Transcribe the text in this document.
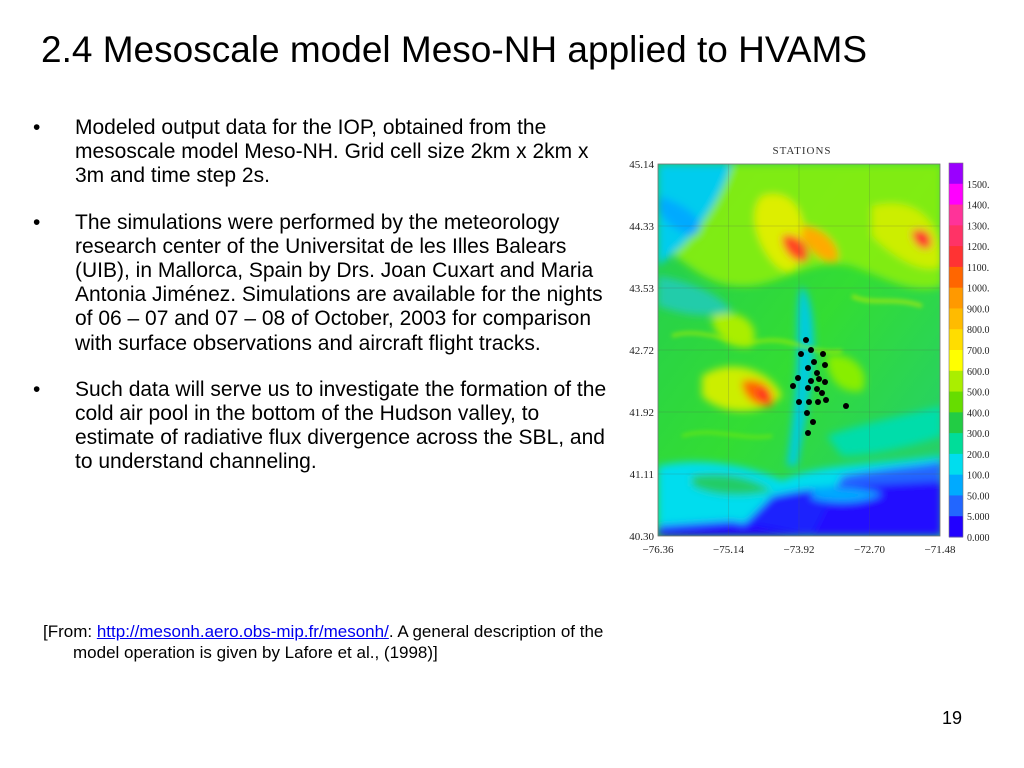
2.4 Mesoscale model Meso-NH applied to HVAMS
• Modeled output data for the IOP, obtained from the mesoscale model Meso-NH. Grid cell size 2km x 2km x 3m and time step 2s.
• The simulations were performed by the meteorology research center of the Universitat de les Illes Balears (UIB), in Mallorca, Spain by Drs. Joan Cuxart and Maria Antonia Jiménez. Simulations are available for the nights of 06 – 07 and 07 – 08 of October, 2003 for comparison with surface observations and aircraft flight tracks.
• Such data will serve us to investigate the formation of the cold air pool in the bottom of the Hudson valley, to estimate of radiative flux divergence across the SBL, and to understand channeling.
[From: http://mesonh.aero.obs-mip.fr/mesonh/. A general description of the model operation is given by Lafore et al., (1998)]
19
STATIONS
45.14
44.33
43.53
42.72
41.92
41.11
40.30
−76.36	−75.14	−73.92	−72.70	−71.48
1500.
1400.
1300.
1200.
1100.
1000.
900.0
800.0
700.0
600.0
500.0
400.0
300.0
200.0
100.0
50.00
5.000
0.000
